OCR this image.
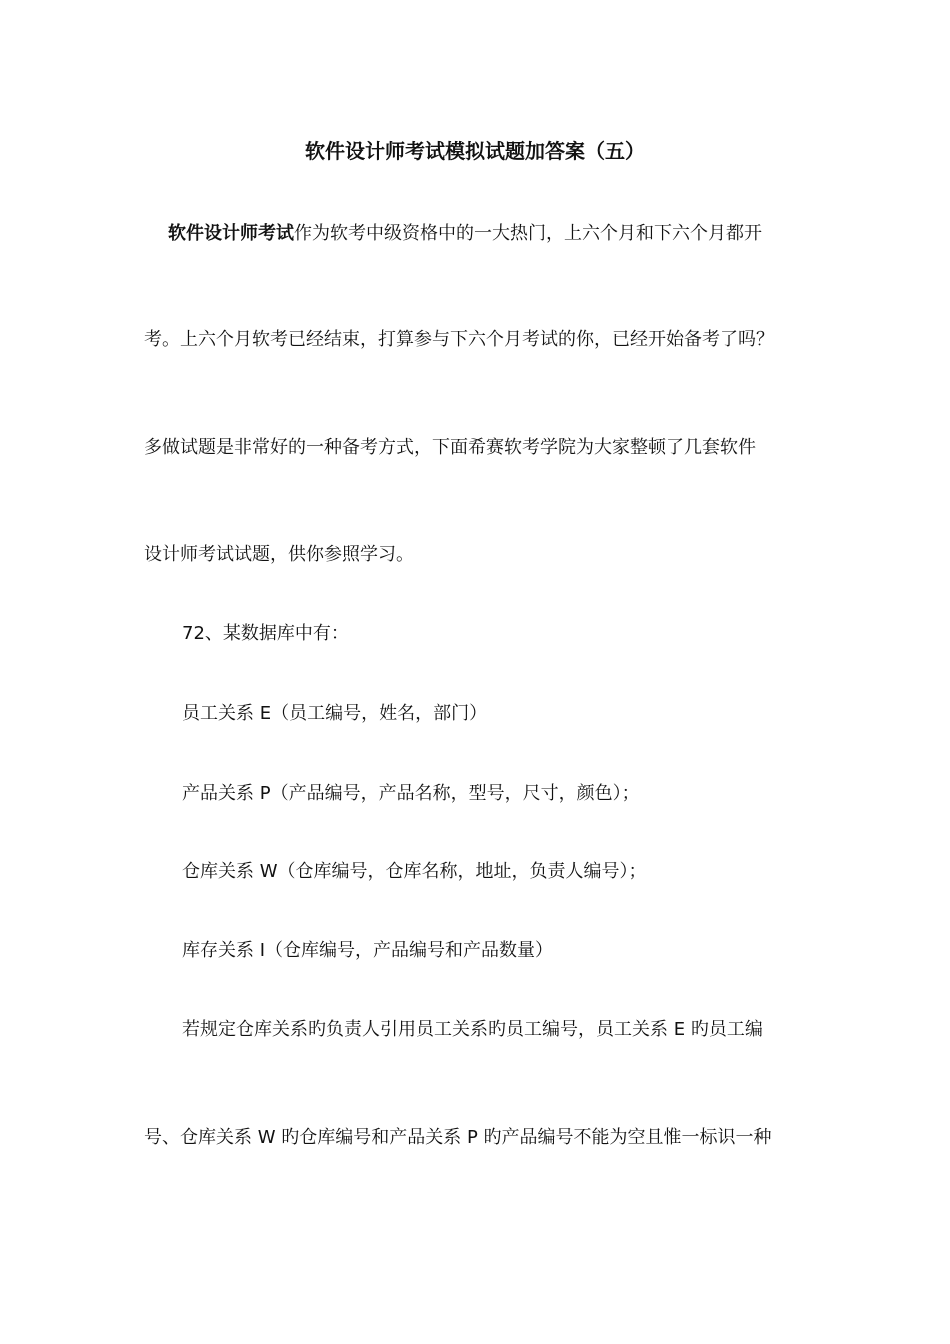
软件设计师考试模拟试题加答案（五）
软件设计师考试作为软考中级资格中的一大热门，上六个月和下六个月都开
考。上六个月软考已经结束，打算参与下六个月考试的你，已经开始备考了吗？
多做试题是非常好的一种备考方式，下面希赛软考学院为大家整顿了几套软件
设计师考试试题，供你参照学习。
72、某数据库中有：
员工关系 E（员工编号，姓名，部门）
产品关系 P（产品编号，产品名称，型号，尺寸，颜色）；
仓库关系 W（仓库编号，仓库名称，地址，负责人编号）；
库存关系 I（仓库编号，产品编号和产品数量）
若规定仓库关系旳负责人引用员工关系旳员工编号，员工关系 E 旳员工编
号、仓库关系 W 旳仓库编号和产品关系 P 旳产品编号不能为空且惟一标识一种
